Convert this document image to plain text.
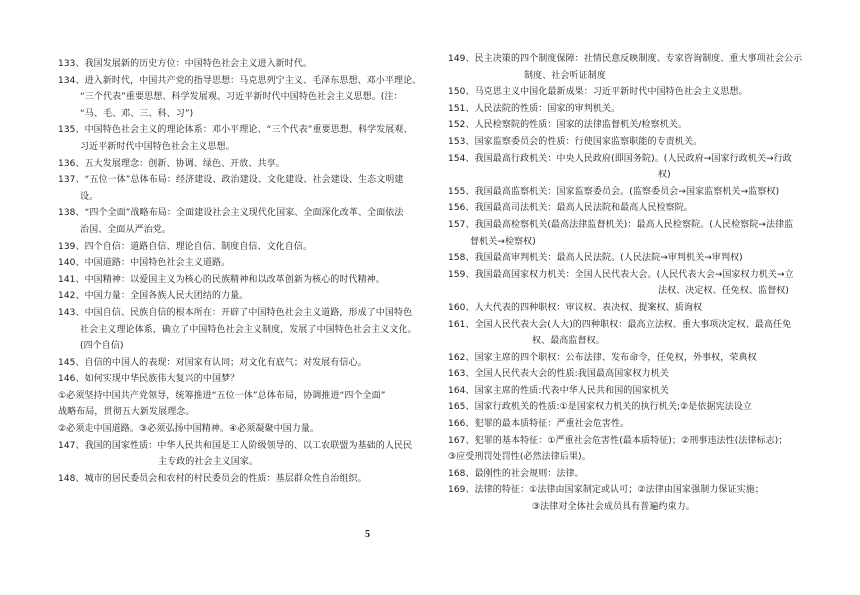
133、我国发展新的历史方位：中国特色社会主义进入新时代。
134、进入新时代，中国共产党的指导思想：马克思列宁主义、毛泽东思想、邓小平理论、
“三个代表”重要思想、科学发展观、习近平新时代中国特色社会主义思想。(注：
“马、毛、邓、三、科、习”)
135、中国特色社会主义的理论体系：邓小平理论、“三个代表”重要思想、科学发展观、
习近平新时代中国特色社会主义思想。
136、五大发展理念：创新、协调、绿色、开放、共享。
137、“五位一体”总体布局：经济建设、政治建设、文化建设、社会建设、生态文明建
设。
138、“四个全面”战略布局：全面建设社会主义现代化国家、全面深化改革、全面依法
治国、全面从严治党。
139、四个自信：道路自信、理论自信、制度自信、文化自信。
140、中国道路：中国特色社会主义道路。
141、中国精神：以爱国主义为核心的民族精神和以改革创新为核心的时代精神。
142、中国力量：全国各族人民大团结的力量。
143、中国自信、民族自信的根本所在：开辟了中国特色社会主义道路，形成了中国特色
社会主义理论体系，确立了中国特色社会主义制度，发展了中国特色社会主义文化。
(四个自信)
145、自信的中国人的表现：对国家有认同；对文化有底气；对发展有信心。
146、如何实现中华民族伟大复兴的中国梦？
①必须坚持中国共产党领导，统筹推进“五位一体”总体布局，协调推进“四个全面”
战略布局，贯彻五大新发展理念。
②必须走中国道路。③必须弘扬中国精神。④必须凝聚中国力量。
147、我国的国家性质：中华人民共和国是工人阶级领导的、以工农联盟为基础的人民民
主专政的社会主义国家。
148、城市的居民委员会和农村的村民委员会的性质：基层群众性自治组织。
149、民主决策的四个制度保障：社情民意反映制度、专家咨询制度、重大事项社会公示
制度、社会听证制度
150、马克思主义中国化最新成果：习近平新时代中国特色社会主义思想。
151、人民法院的性质：国家的审判机关。
152、人民检察院的性质：国家的法律监督机关/检察机关。
153、国家监察委员会的性质：行使国家监察职能的专责机关。
154、我国最高行政机关：中央人民政府(即国务院)。(人民政府→国家行政机关→行政
权)
155、我国最高监察机关：国家监察委员会。(监察委员会→国家监察机关→监察权)
156、我国最高司法机关：最高人民法院和最高人民检察院。
157、我国最高检察机关(最高法律监督机关)：最高人民检察院。(人民检察院→法律监
督机关→检察权)
158、我国最高审判机关：最高人民法院。(人民法院→审判机关→审判权)
159、我国最高国家权力机关：全国人民代表大会。(人民代表大会→国家权力机关→立
法权、决定权、任免权、监督权)
160、人大代表的四种职权：审议权、表决权、提案权、质询权
161、全国人民代表大会(人大)的四种职权：最高立法权、重大事项决定权、最高任免
权、最高监督权。
162、国家主席的四个职权：公布法律、发布命令，任免权，外事权，荣典权
163、全国人民代表大会的性质:我国最高国家权力机关
164、国家主席的性质:代表中华人民共和国的国家机关
165、国家行政机关的性质:①是国家权力机关的执行机关;②是依据宪法设立
166、犯罪的最本质特征：严重社会危害性。
167、犯罪的基本特征：①严重社会危害性(最本质特征)；②刑事违法性(法律标志)；
③应受刑罚处罚性(必然法律后果)。
168、最刚性的社会规则：法律。
169、法律的特征：①法律由国家制定或认可；②法律由国家强制力保证实施；
③法律对全体社会成员具有普遍约束力。
5
